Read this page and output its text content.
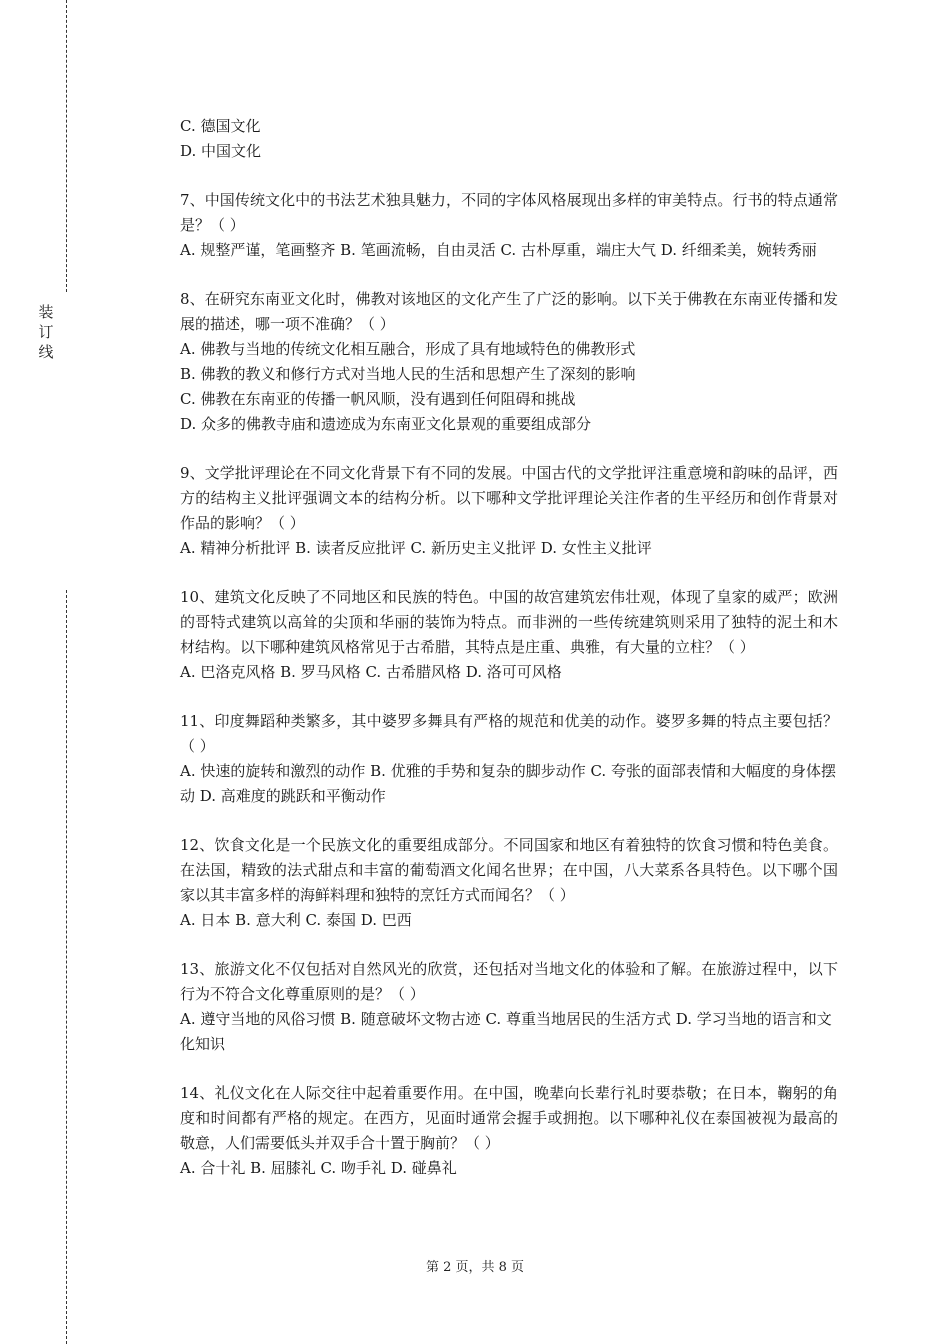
装
订
线
C. 德国文化
D. 中国文化
7、中国传统文化中的书法艺术独具魅力，不同的字体风格展现出多样的审美特点。行书的特点通常是？（ ）
A. 规整严谨，笔画整齐 B. 笔画流畅，自由灵活 C. 古朴厚重，端庄大气 D. 纤细柔美，婉转秀丽
8、在研究东南亚文化时，佛教对该地区的文化产生了广泛的影响。以下关于佛教在东南亚传播和发展的描述，哪一项不准确？（ ）
A. 佛教与当地的传统文化相互融合，形成了具有地域特色的佛教形式
B. 佛教的教义和修行方式对当地人民的生活和思想产生了深刻的影响
C. 佛教在东南亚的传播一帆风顺，没有遇到任何阻碍和挑战
D. 众多的佛教寺庙和遗迹成为东南亚文化景观的重要组成部分
9、文学批评理论在不同文化背景下有不同的发展。中国古代的文学批评注重意境和韵味的品评，西方的结构主义批评强调文本的结构分析。以下哪种文学批评理论关注作者的生平经历和创作背景对作品的影响？（ ）
A. 精神分析批评 B. 读者反应批评 C. 新历史主义批评 D. 女性主义批评
10、建筑文化反映了不同地区和民族的特色。中国的故宫建筑宏伟壮观，体现了皇家的威严；欧洲的哥特式建筑以高耸的尖顶和华丽的装饰为特点。而非洲的一些传统建筑则采用了独特的泥土和木材结构。以下哪种建筑风格常见于古希腊，其特点是庄重、典雅，有大量的立柱？（ ）
A. 巴洛克风格 B. 罗马风格 C. 古希腊风格 D. 洛可可风格
11、印度舞蹈种类繁多，其中婆罗多舞具有严格的规范和优美的动作。婆罗多舞的特点主要包括？（ ）
A. 快速的旋转和激烈的动作 B. 优雅的手势和复杂的脚步动作 C. 夸张的面部表情和大幅度的身体摆动 D. 高难度的跳跃和平衡动作
12、饮食文化是一个民族文化的重要组成部分。不同国家和地区有着独特的饮食习惯和特色美食。在法国，精致的法式甜点和丰富的葡萄酒文化闻名世界；在中国，八大菜系各具特色。以下哪个国家以其丰富多样的海鲜料理和独特的烹饪方式而闻名？（ ）
A. 日本 B. 意大利 C. 泰国 D. 巴西
13、旅游文化不仅包括对自然风光的欣赏，还包括对当地文化的体验和了解。在旅游过程中，以下行为不符合文化尊重原则的是？（ ）
A. 遵守当地的风俗习惯 B. 随意破坏文物古迹 C. 尊重当地居民的生活方式 D. 学习当地的语言和文化知识
14、礼仪文化在人际交往中起着重要作用。在中国，晚辈向长辈行礼时要恭敬；在日本，鞠躬的角度和时间都有严格的规定。在西方，见面时通常会握手或拥抱。以下哪种礼仪在泰国被视为最高的敬意，人们需要低头并双手合十置于胸前？（ ）
A. 合十礼 B. 屈膝礼 C. 吻手礼 D. 碰鼻礼
第 2 页，共 8 页
